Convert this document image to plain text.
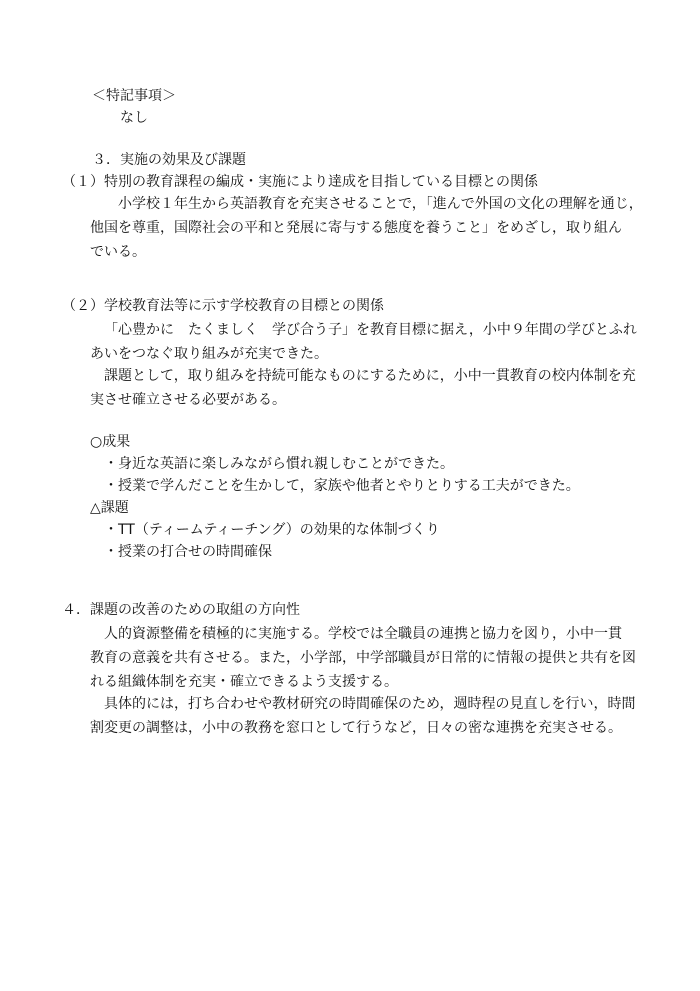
＜特記事項＞
なし
３．実施の効果及び課題
（１）特別の教育課程の編成・実施により達成を目指している目標との関係
小学校１年生から英語教育を充実させることで，「進んで外国の文化の理解を通じ，
他国を尊重，国際社会の平和と発展に寄与する態度を養うこと」をめざし，取り組ん
でいる。
（２）学校教育法等に示す学校教育の目標との関係
「心豊かに　たくましく　学び合う子」を教育目標に据え，小中９年間の学びとふれ
あいをつなぐ取り組みが充実できた。
課題として，取り組みを持続可能なものにするために，小中一貫教育の校内体制を充
実させ確立させる必要がある。
○成果
・身近な英語に楽しみながら慣れ親しむことができた。
・授業で学んだことを生かして，家族や他者とやりとりする工夫ができた。
△課題
・TT（ティームティーチング）の効果的な体制づくり
・授業の打合せの時間確保
４．課題の改善のための取組の方向性
人的資源整備を積極的に実施する。学校では全職員の連携と協力を図り，小中一貫
教育の意義を共有させる。また，小学部，中学部職員が日常的に情報の提供と共有を図
れる組織体制を充実・確立できるよう支援する。
具体的には，打ち合わせや教材研究の時間確保のため，週時程の見直しを行い，時間
割変更の調整は，小中の教務を窓口として行うなど，日々の密な連携を充実させる。
